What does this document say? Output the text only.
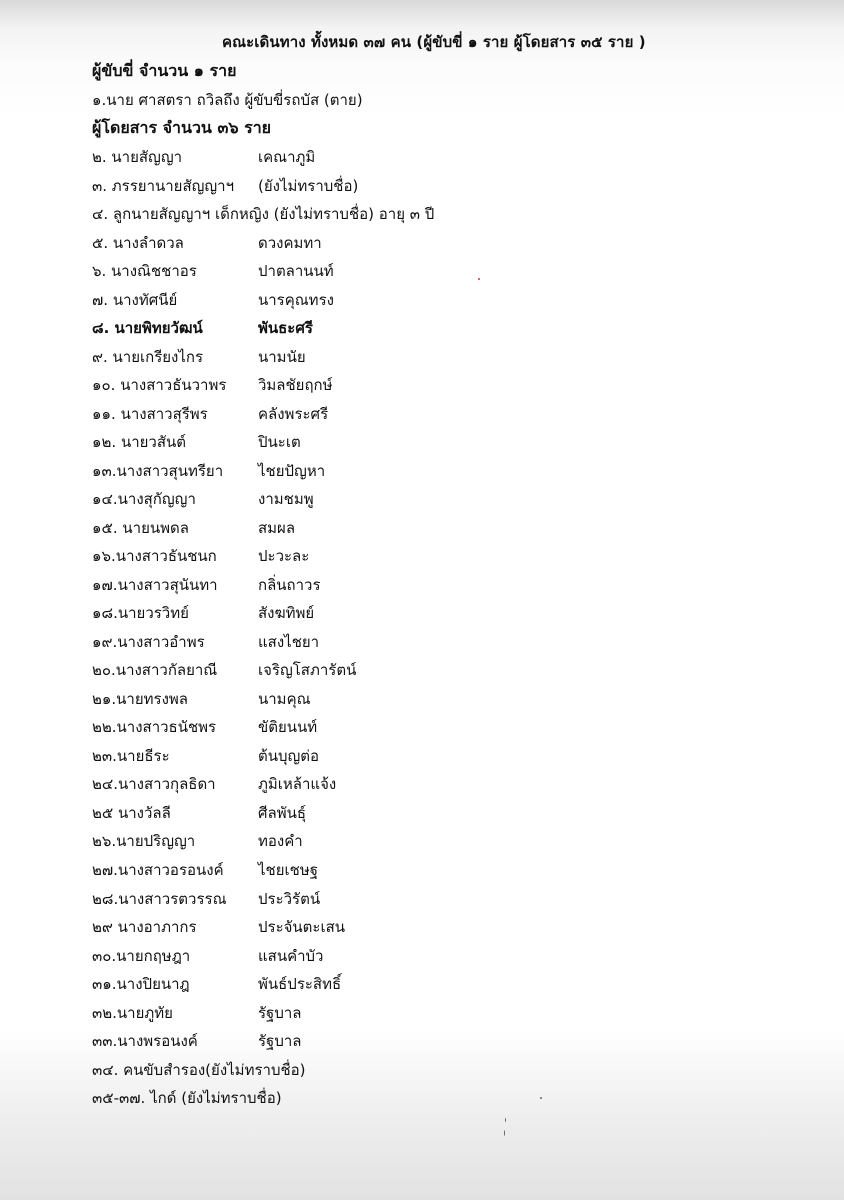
คณะเดินทาง ทั้งหมด ๓๗ คน (ผู้ขับขี่ ๑ ราย ผู้โดยสาร ๓๕ ราย )
ผู้ขับขี่ จำนวน ๑ ราย
๑.นาย ศาสตรา ถวิลถึง ผู้ขับขี่รถบัส (ตาย)
ผู้โดยสาร จำนวน ๓๖ ราย
๒. นายสัญญา	เคณาภูมิ
๓. ภรรยานายสัญญาฯ (ยังไม่ทราบชื่อ)
๔. ลูกนายสัญญาฯ เด็กหญิง (ยังไม่ทราบชื่อ) อายุ ๓ ปี
๕. นางลำดวล	ดวงคมทา
๖. นางณิชชาอร	ปาตลานนท์
๗. นางทัศนีย์	นารคุณทรง
๘. นายพิทยวัฒน์	พันธะศรี
๙. นายเกรียงไกร	นามนัย
๑๐. นางสาวธันวาพร วิมลชัยฤกษ์
๑๑. นางสาวสุรีพร	คลังพระศรี
๑๒. นายวสันต์	ปินะเต
๑๓.นางสาวสุนทรียา ไชยปัญหา
๑๔.นางสุกัญญา	งามชมพู
๑๕. นายนพดล	สมผล
๑๖.นางสาวธันชนก	ปะวะละ
๑๗.นางสาวสุนันทา	กลิ่นถาวร
๑๘.นายวรวิทย์	สังฆทิพย์
๑๙.นางสาวอำพร	แสงไชยา
๒๐.นางสาวกัลยาณี	เจริญโสภารัตน์
๒๑.นายทรงพล	นามคุณ
๒๒.นางสาวธนัชพร	ขัติยนนท์
๒๓.นายธีระ	ต้นบุญต่อ
๒๔.นางสาวกุลธิดา	ภูมิเหล้าแจ้ง
๒๕ นางวัลลี	ศีลพันธุ์
๒๖.นายปริญญา	ทองคำ
๒๗.นางสาวอรอนงค์ ไชยเชษฐ
๒๘.นางสาวรตวรรณ ประวิรัตน์
๒๙ นางอาภากร	ประจันตะเสน
๓๐.นายกฤษฎา	แสนคำบัว
๓๑.นางปิยนาฎ	พันธ์ประสิทธิ์
๓๒.นายภูทัย	รัฐบาล
๓๓.นางพรอนงค์	รัฐบาล
๓๔. คนขับสำรอง(ยังไม่ทราบชื่อ)
๓๕-๓๗. ไกด์ (ยังไม่ทราบชื่อ)
